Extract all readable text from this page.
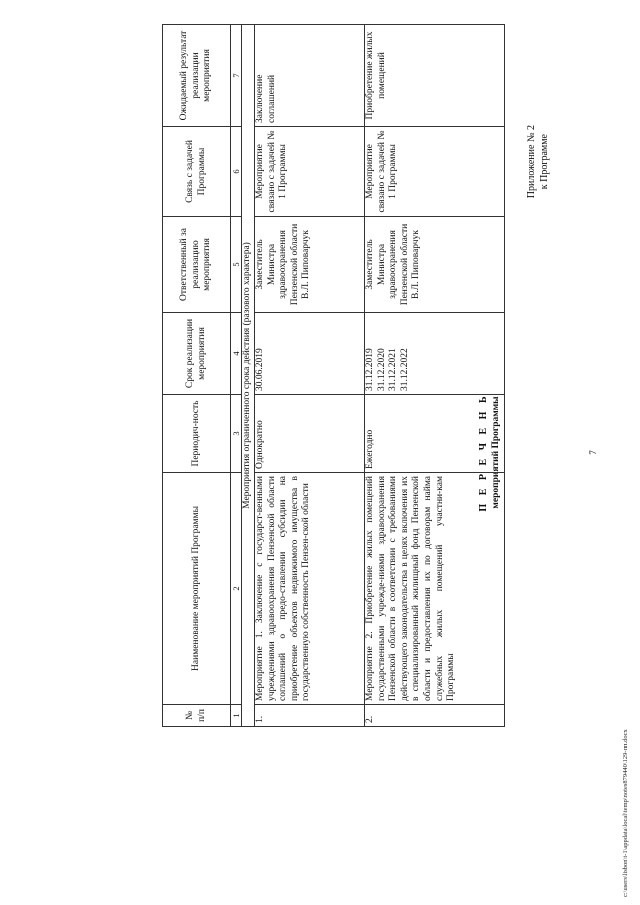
7
Приложение № 2 к Программе
П Е Р Е Ч Е Н Ь мероприятий Программы
№ п/п	Наименование мероприятий Программы	Периодич-ность	Срок реализации мероприятия	Ответственный за реализацию мероприятия	Связь с задачей Программы	Ожидаемый результат реализации мероприятия
1	2	3	4	5	6	7
Мероприятия ограниченного срока действия (разового характера)						
1.	Мероприятие 1. Заключение с государст-венными учреждениями здравоохранения Пензенской области соглашений о предо-ставлении субсидии на приобретение объектов недвижимого имущества в государственную собственность Пензен-ской области	Однократно	30.06.2019	Заместитель Министра здравоохранения Пензенской области В.Л. Пиповарчук	Мероприятие связано с задачей № 1 Программы	Заключение соглашений
2.	Мероприятие 2. Приобретение жилых помещений государственными учрежде-ниями здравоохранения Пензенской области в соответствии с требованиями действующего законодательства в целях включения их в специализированный жилищный фонд Пензенской области и предоставления их по договорам найма служебных жилых помещений участни-кам Программы	Ежегодно	31.12.2019 31.12.2020 31.12.2021 31.12.2022	Заместитель Министра здравоохранения Пензенской области В.Л. Пиповарчук	Мероприятие связано с задачей № 1 Программы	Приобретение жилых помещений
c:\users\lisbon\t-1\appdata\local\temp\notes879440\129-пп.docx
